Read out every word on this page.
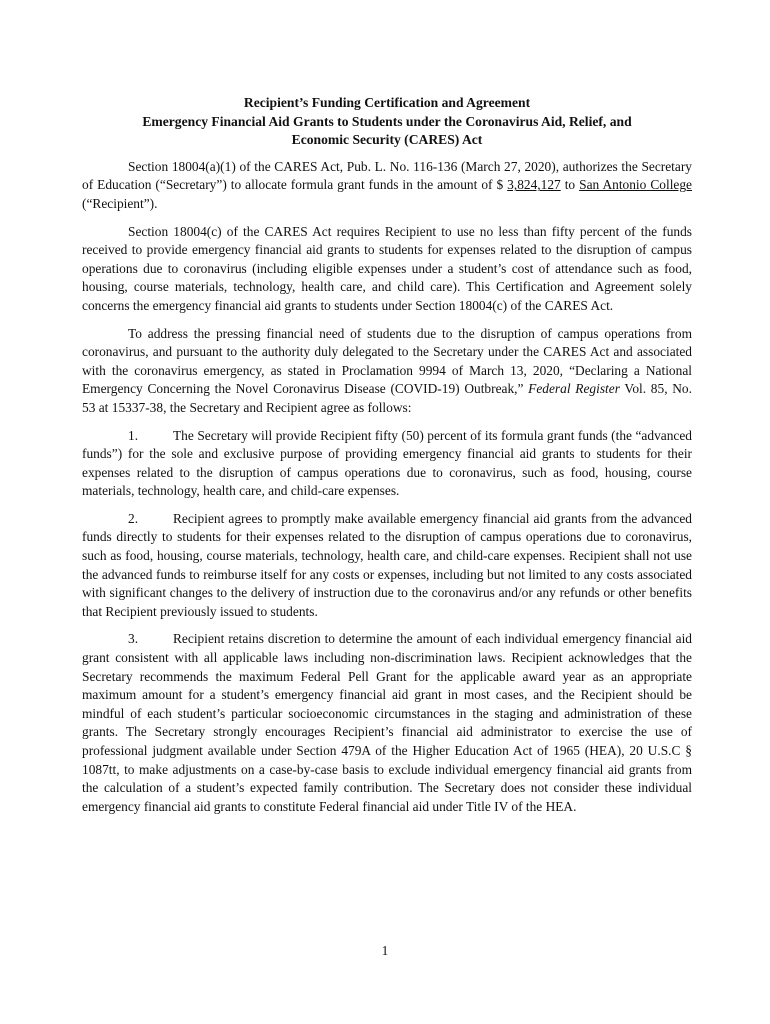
Recipient’s Funding Certification and Agreement
Emergency Financial Aid Grants to Students under the Coronavirus Aid, Relief, and
Economic Security (CARES) Act

Section 18004(a)(1) of the CARES Act, Pub. L. No. 116-136 (March 27, 2020), authorizes the Secretary of Education (“Secretary”) to allocate formula grant funds in the amount of $ 3,824,127 to San Antonio College (“Recipient”).

Section 18004(c) of the CARES Act requires Recipient to use no less than fifty percent of the funds received to provide emergency financial aid grants to students for expenses related to the disruption of campus operations due to coronavirus (including eligible expenses under a student’s cost of attendance such as food, housing, course materials, technology, health care, and child care). This Certification and Agreement solely concerns the emergency financial aid grants to students under Section 18004(c) of the CARES Act.

To address the pressing financial need of students due to the disruption of campus operations from coronavirus, and pursuant to the authority duly delegated to the Secretary under the CARES Act and associated with the coronavirus emergency, as stated in Proclamation 9994 of March 13, 2020, “Declaring a National Emergency Concerning the Novel Coronavirus Disease (COVID-19) Outbreak,” Federal Register Vol. 85, No. 53 at 15337-38, the Secretary and Recipient agree as follows:

1.	The Secretary will provide Recipient fifty (50) percent of its formula grant funds (the “advanced funds”) for the sole and exclusive purpose of providing emergency financial aid grants to students for their expenses related to the disruption of campus operations due to coronavirus, such as food, housing, course materials, technology, health care, and child-care expenses.

2.	Recipient agrees to promptly make available emergency financial aid grants from the advanced funds directly to students for their expenses related to the disruption of campus operations due to coronavirus, such as food, housing, course materials, technology, health care, and child-care expenses. Recipient shall not use the advanced funds to reimburse itself for any costs or expenses, including but not limited to any costs associated with significant changes to the delivery of instruction due to the coronavirus and/or any refunds or other benefits that Recipient previously issued to students.

3.	Recipient retains discretion to determine the amount of each individual emergency financial aid grant consistent with all applicable laws including non-discrimination laws. Recipient acknowledges that the Secretary recommends the maximum Federal Pell Grant for the applicable award year as an appropriate maximum amount for a student’s emergency financial aid grant in most cases, and the Recipient should be mindful of each student’s particular socioeconomic circumstances in the staging and administration of these grants. The Secretary strongly encourages Recipient’s financial aid administrator to exercise the use of professional judgment available under Section 479A of the Higher Education Act of 1965 (HEA), 20 U.S.C § 1087tt, to make adjustments on a case-by-case basis to exclude individual emergency financial aid grants from the calculation of a student’s expected family contribution. The Secretary does not consider these individual emergency financial aid grants to constitute Federal financial aid under Title IV of the HEA.

1
